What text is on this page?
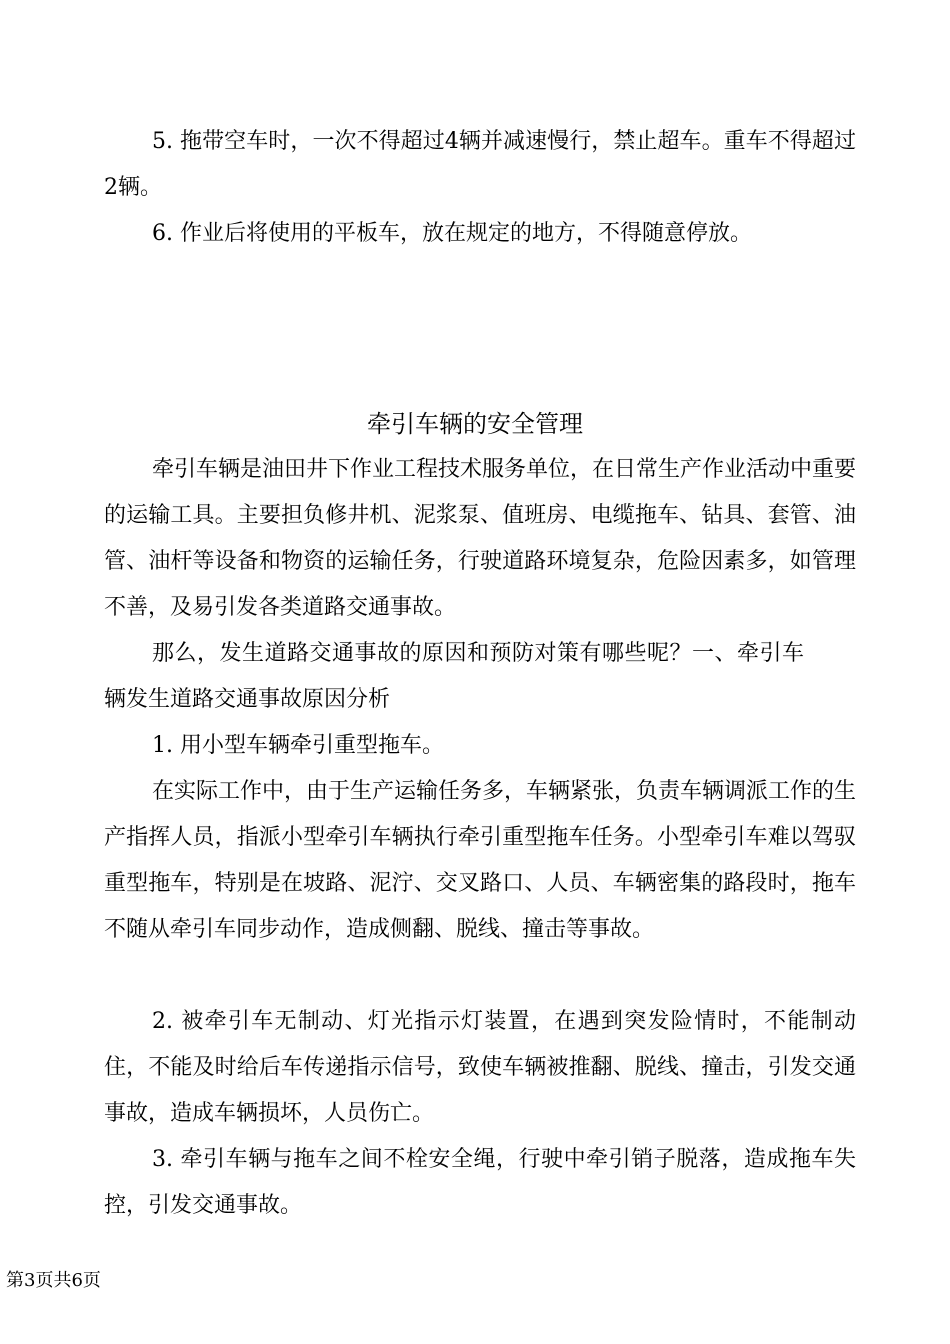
5. 拖带空车时，一次不得超过4辆并减速慢行，禁止超车。重车不得超过2辆。

6. 作业后将使用的平板车，放在规定的地方，不得随意停放。

牵引车辆的安全管理

牵引车辆是油田井下作业工程技术服务单位，在日常生产作业活动中重要的运输工具。主要担负修井机、泥浆泵、值班房、电缆拖车、钻具、套管、油管、油杆等设备和物资的运输任务，行驶道路环境复杂，危险因素多，如管理不善，及易引发各类道路交通事故。

那么，发生道路交通事故的原因和预防对策有哪些呢？一、牵引车辆发生道路交通事故原因分析

1. 用小型车辆牵引重型拖车。

在实际工作中，由于生产运输任务多，车辆紧张，负责车辆调派工作的生产指挥人员，指派小型牵引车辆执行牵引重型拖车任务。小型牵引车难以驾驭重型拖车，特别是在坡路、泥泞、交叉路口、人员、车辆密集的路段时，拖车不随从牵引车同步动作，造成侧翻、脱线、撞击等事故。

2. 被牵引车无制动、灯光指示灯装置，在遇到突发险情时，不能制动住，不能及时给后车传递指示信号，致使车辆被推翻、脱线、撞击，引发交通事故，造成车辆损坏，人员伤亡。

3. 牵引车辆与拖车之间不栓安全绳，行驶中牵引销子脱落，造成拖车失控，引发交通事故。

第3页共6页
